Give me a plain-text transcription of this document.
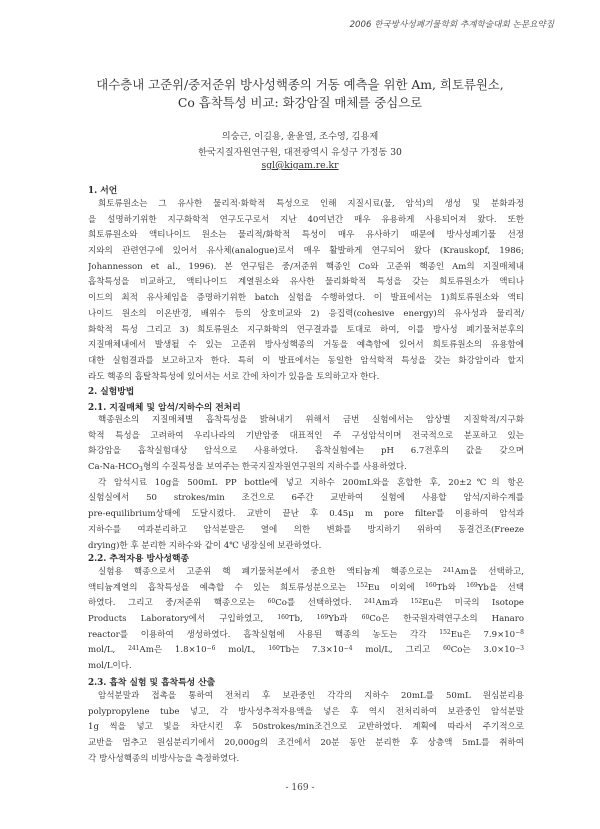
2006 한국방사성폐기물학회 추계학술대회 논문요약집
대수층내 고준위/중저준위 방사성핵종의 거동 예측을 위한 Am, 희토류원소,
Co 흡착특성 비교: 화강암질 매체를 중심으로
의숭근, 이길용, 윤윤열, 조수영, 김용제
한국지질자원연구원, 대전광역시 유성구 가정동 30
sgl@kigam.re.kr
1. 서언
희토류원소는 그 유사한 물리적·화학적 특성으로 인해 지질시료(물, 암석)의 생성 및 분화과정
을 설명하기위한 지구화학적 연구도구로서 지난 40여년간 매우 유용하게 사용되어져 왔다. 또한
희토류원소와 액티나이드 원소는 물리적/화학적 특성이 매우 유사하기 때문에 방사성폐기물 선정
지와의 관련연구에 있어서 유사체(analogue)로서 매우 활발하게 연구되어 왔다 (Krauskopf, 1986;
Johannesson et al., 1996). 본 연구팀은 중/저준위 핵종인 Co와 고준위 핵종인 Am의 지질매체내
흡착특성을 비교하고, 액티나이드 계열원소와 유사한 물리화학적 특성을 갖는 희토류원소가 액티나
이드의 최적 유사체임을 증명하기위한 batch 실험을 수행하였다. 이 발표에서는 1)희토류원소와 액티
나이드 원소의 이온반경, 배위수 등의 상호비교와 2) 응집력(cohesive energy)의 유사성과 물리적/
화학적 특성 그리고 3) 희토류원소 지구화학의 연구결과를 토대로 하여, 이를 방사성 폐기물처분후의
지질매체내에서 발생될 수 있는 고준위 방사성핵종의 거동을 예측함에 있어서 희토류원소의 유용함에
대한 실험결과를 보고하고자 한다. 특히 이 발표에서는 동일한 암석학적 특성을 갖는 화강암이라 할지
라도 핵종의 흡탈착특성에 있어서는 서로 간에 차이가 있음을 토의하고자 한다.
2. 실험방법
2.1. 지질매체 및 암석/지하수의 전처리
핵종원소의 지질매체별 흡착특성을 밝혀내기 위해서 금번 실험에서는 암상별 지질학적/지구화
학적 특성을 고려하여 우리나라의 기반암중 대표적인 주 구성암석이며 전국적으로 분포하고 있는
화강암을 흡착실험대상 암석으로 사용하였다. 흡착실험에는 pH 6.7전후의 값을 갖으며
$Ca-Na-HCO_3$형의 수질특성을 보여주는 한국지질자원연구원의 지하수를 사용하였다.
각 암석시료 10g을 500mL PP bottle에 넣고 지하수 200mL와을 혼합한 후, 20±2℃의 항온
실험실에서 50 strokes/min 조건으로 6주간 교반하여 실험에 사용할 암석/지하수계를
pre-equilibrium상태에 도달시켰다. 교반이 끝난 후 0.45μ m pore filter를 이용하여 암석과
지하수를 여과분리하고 암석분말은 열에 의한 변화를 방지하기 위하여 동결건조(Freeze
drying)한 후 분리한 지하수와 같이 4℃ 냉장실에 보관하였다.
2.2. 추적자용 방사성핵종
실험용 핵종으로서 고준위 핵 폐기물처분에서 중요한 액티늄계 핵종으로는 $^{241}$Am을 선택하고,
액티늄계열의 흡착특성을 예측할 수 있는 희토류성분으로는 $^{152}$Eu 이외에 $^{160}$Tb와 $^{169}$Yb을 선택
하였다. 그리고 중/저준위 핵종으로는 $^{60}$Co를 선택하였다. $^{241}$Am과 $^{152}$Eu은 미국의 Isotope
Products Laboratory에서 구입하였고, $^{160}$Tb, $^{169}$Yb과 $^{60}$Co은 한국원자력연구소의 Hanaro
reactor를 이용하여 생성하였다. 흡착실험에 사용된 핵종의 농도는 각각 $^{152}$Eu은 $7.9\times 10^{-8}$
mol/L, $^{241}$Am은 $1.8\times 10^{-6}$ mol/L, $^{160}$Tb는 $7.3\times 10^{-4}$ mol/L, 그리고 $^{60}$Co는 $3.0\times 10^{-3}$
mol/L이다.
2.3. 흡착 실험 및 흡착특성 산출
암석분말과 접촉을 통하여 전처리 후 보관중인 각각의 지하수 20mL를 50mL 원심분리용
polypropylene tube 넣고, 각 방사성추적자용액을 넣은 후 역시 전처리하여 보관중인 암석분말
1g 씩을 넣고 빛을 차단시킨 후 50strokes/min조건으로 교반하였다. 계획에 따라서 주기적으로
교반을 멈추고 원심분리기에서 20,000g의 조건에서 20분 동안 분리한 후 상층액 5mL를 취하여
각 방사성핵종의 비방사능을 측정하였다.
- 169 -
